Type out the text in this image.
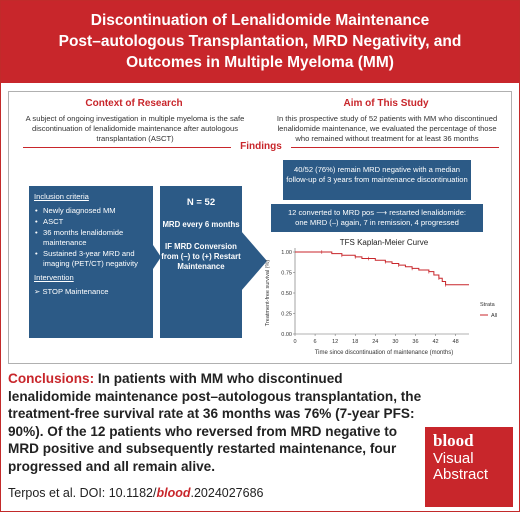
Discontinuation of Lenalidomide Maintenance
Post–autologous Transplantation, MRD Negativity, and
Outcomes in Multiple Myeloma (MM)
Context of Research
A subject of ongoing investigation in multiple myeloma is the safe discontinuation of lenalidomide maintenance after autologous transplantation (ASCT)
Aim of This Study
In this prospective study of 52 patients with MM who discontinued lenalidomide maintenance, we evaluated the percentage of those who remained without treatment for at least 36 months
Findings
Inclusion criteria
• Newly diagnosed MM
• ASCT
• 36 months lenalidomide maintenance
• Sustained 3-year MRD and imaging (PET/CT) negativity
Intervention
➢ STOP Maintenance
N = 52
MRD every 6 months
IF MRD Conversion from (–) to (+) Restart Maintenance
40/52 (76%) remain MRD negative with a median follow-up of 3 years from maintenance discontinuation
12 converted to MRD pos ⟶ restarted lenalidomide:
one MRD (–) again, 7 in remission, 4 progressed
TFS Kaplan-Meier Curve
0	6	12	18	24	30	36	42	48
0.00
0.25
0.50
0.75
1.00
Time since discontinuation of maintenance (months)
Treatment-free survival (%)	Strata
All
Conclusions: In patients with MM who discontinued lenalidomide maintenance post–autologous transplantation, the treatment-free survival rate at 36 months was 76% (7-year PFS: 90%). Of the 12 patients who reversed from MRD negative to MRD positive and subsequently restarted maintenance, four progressed and all remain alive.
Terpos et al. DOI: 10.1182/blood.2024027686
blood
Visual
Abstract
